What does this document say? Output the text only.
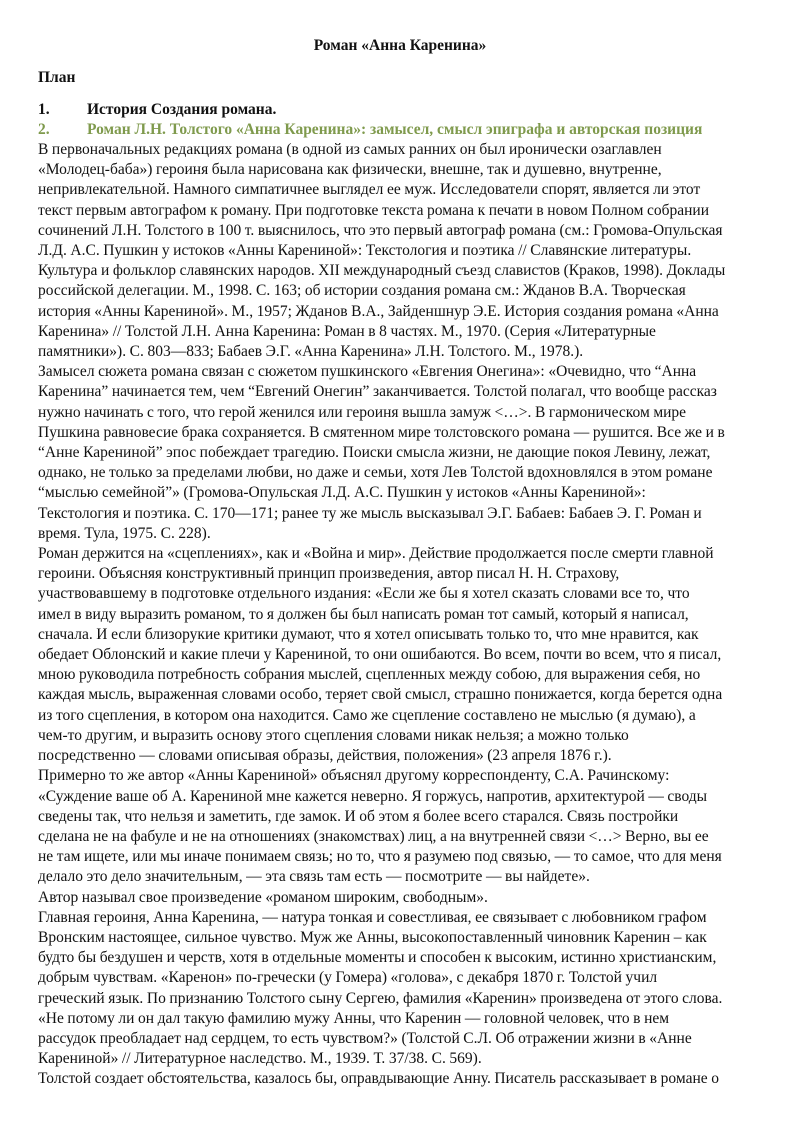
Роман «Анна Каренина»
План
1.	История Создания романа.
2.	Роман Л.Н. Толстого «Анна Каренина»: замысел, смысл эпиграфа и авторская позиция
В первоначальных редакциях романа (в одной из самых ранних он был иронически озаглавлен
«Молодец-баба») героиня была нарисована как физически, внешне, так и душевно, внутренне,
непривлекательной. Намного симпатичнее выглядел ее муж. Исследователи спорят, является ли этот
текст первым автографом к роману. При подготовке текста романа к печати в новом Полном собрании
сочинений Л.Н. Толстого в 100 т. выяснилось, что это первый автограф романа (см.: Громова-Опульская
Л.Д. А.С. Пушкин у истоков «Анны Карениной»: Текстология и поэтика // Славянские литературы.
Культура и фольклор славянских народов. XII международный съезд славистов (Краков, 1998). Доклады
российской делегации. М., 1998. С. 163; об истории создания романа см.: Жданов В.А. Творческая
история «Анны Карениной». М., 1957; Жданов В.А., Зайденшнур Э.Е. История создания романа «Анна
Каренина» // Толстой Л.Н. Анна Каренина: Роман в 8 частях. М., 1970. (Серия «Литературные
памятники»). С. 803—833; Бабаев Э.Г. «Анна Каренина» Л.Н. Толстого. М., 1978.).
Замысел сюжета романа связан с сюжетом пушкинского «Евгения Онегина»: «Очевидно, что “Анна
Каренина” начинается тем, чем “Евгений Онегин” заканчивается. Толстой полагал, что вообще рассказ
нужно начинать с того, что герой женился или героиня вышла замуж <…>. В гармоническом мире
Пушкина равновесие брака сохраняется. В смятенном мире толстовского романа — рушится. Все же и в
“Анне Карениной” эпос побеждает трагедию. Поиски смысла жизни, не дающие покоя Левину, лежат,
однако, не только за пределами любви, но даже и семьи, хотя Лев Толстой вдохновлялся в этом романе
“мыслью семейной”» (Громова-Опульская Л.Д. А.С. Пушкин у истоков «Анны Карениной»:
Текстология и поэтика. С. 170—171; ранее ту же мысль высказывал Э.Г. Бабаев: Бабаев Э. Г. Роман и
время. Тула, 1975. С. 228).
Роман держится на «сцеплениях», как и «Война и мир». Действие продолжается после смерти главной
героини. Объясняя конструктивный принцип произведения, автор писал Н. Н. Страхову,
участвовавшему в подготовке отдельного издания: «Если же бы я хотел сказать словами все то, что
имел в виду выразить романом, то я должен бы был написать роман тот самый, который я написал,
сначала. И если близорукие критики думают, что я хотел описывать только то, что мне нравится, как
обедает Облонский и какие плечи у Карениной, то они ошибаются. Во всем, почти во всем, что я писал,
мною руководила потребность собрания мыслей, сцепленных между собою, для выражения себя, но
каждая мысль, выраженная словами особо, теряет свой смысл, страшно понижается, когда берется одна
из того сцепления, в котором она находится. Само же сцепление составлено не мыслью (я думаю), а
чем-то другим, и выразить основу этого сцепления словами никак нельзя; а можно только
посредственно — словами описывая образы, действия, положения» (23 апреля 1876 г.).
Примерно то же автор «Анны Карениной» объяснял другому корреспонденту, С.А. Рачинскому:
«Суждение ваше об А. Карениной мне кажется неверно. Я горжусь, напротив, архитектурой — своды
сведены так, что нельзя и заметить, где замок. И об этом я более всего старался. Связь постройки
сделана не на фабуле и не на отношениях (знакомствах) лиц, а на внутренней связи <…> Верно, вы ее
не там ищете, или мы иначе понимаем связь; но то, что я разумею под связью, — то самое, что для меня
делало это дело значительным, — эта связь там есть — посмотрите — вы найдете».
Автор называл свое произведение «романом широким, свободным».
Главная героиня, Анна Каренина, — натура тонкая и совестливая, ее связывает с любовником графом
Вронским настоящее, сильное чувство. Муж же Анны, высокопоставленный чиновник Каренин – как
будто бы бездушен и черств, хотя в отдельные моменты и способен к высоким, истинно христианским,
добрым чувствам. «Каренон» по-гречески (у Гомера) «голова», с декабря 1870 г. Толстой учил
греческий язык. По признанию Толстого сыну Сергею, фамилия «Каренин» произведена от этого слова.
«Не потому ли он дал такую фамилию мужу Анны, что Каренин — головной человек, что в нем
рассудок преобладает над сердцем, то есть чувством?» (Толстой С.Л. Об отражении жизни в «Анне
Карениной» // Литературное наследство. М., 1939. Т. 37/38. С. 569).
Толстой создает обстоятельства, казалось бы, оправдывающие Анну. Писатель рассказывает в романе о
